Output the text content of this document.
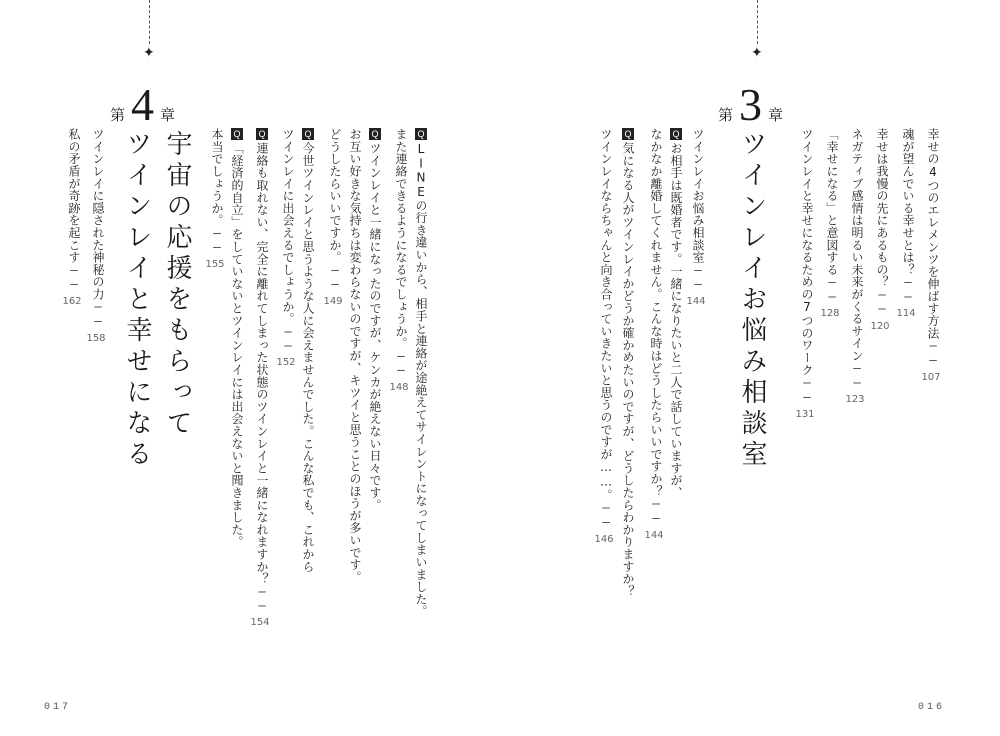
✦
✦
幸せの4つのエレメンツを伸ばす方法──107
魂が望んでいる幸せとは？──114
幸せは我慢の先にあるもの？──120
ネガティブ感情は明るい未来がくるサイン──123
「幸せになる」と意図する──128
ツインレイと幸せになるための7つのワーク──131
第 3 章
ツインレイお悩み相談室
ツインレイお悩み相談室──144
Qお相手は既婚者です。一緒になりたいと二人で話していますが、
なかなか離婚してくれません。こんな時はどうしたらいいですか？──144
Q気になる人がツインレイかどうか確かめたいのですが、どうしたらわかりますか？
ツインレイならちゃんと向き合っていきたいと思うのですが……。──146
016
QLINEの行き違いから、相手と連絡が途絶えてサイレントになってしまいました。
また連絡できるようになるでしょうか。──148
Qツインレイと一緒になったのですが、ケンカが絶えない日々です。
お互い好きな気持ちは変わらないのですが、キツイと思うことのほうが多いです。
どうしたらいいですか。──149
Q今世ツインレイと思うような人に会えませんでした。こんな私でも、これから
ツインレイに出会えるでしょうか。──152
Q連絡も取れない、完全に離れてしまった状態のツインレイと一緒になれますか？──154
Q「経済的自立」をしていないとツインレイには出会えないと聞きました。
本当でしょうか。──155
第 4 章
宇宙の応援をもらって
ツインレイと幸せになる
ツインレイに隠された神秘の力──158
私の矛盾が奇跡を起こす──162
017
